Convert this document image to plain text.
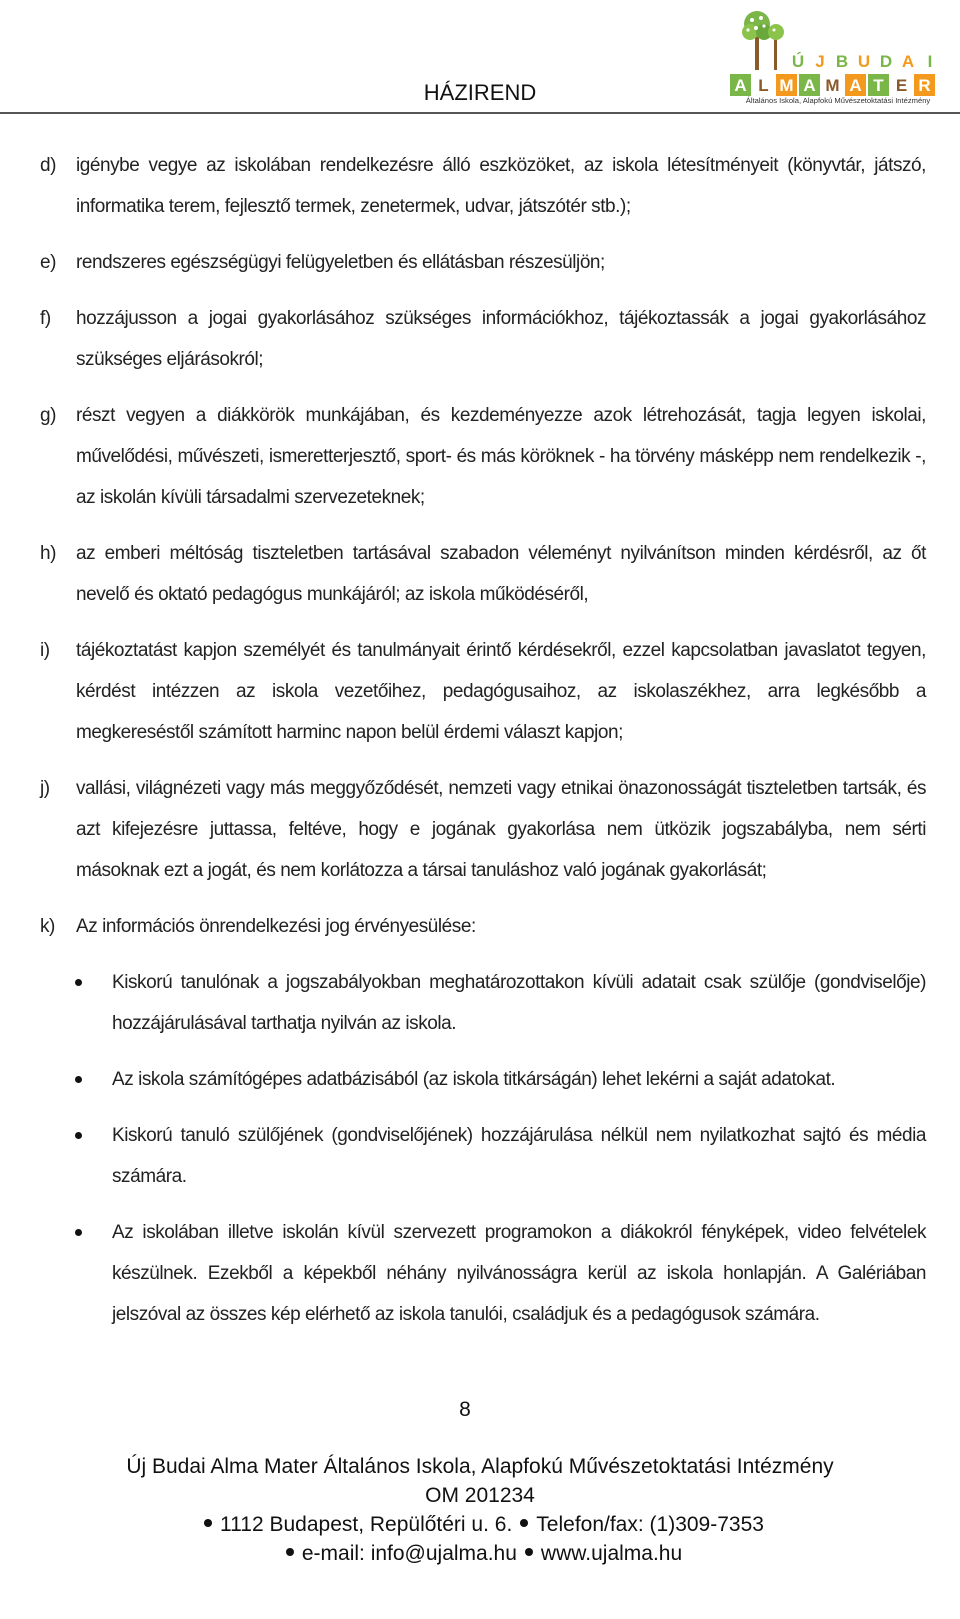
HÁZIREND
Ú J B U D A I
A L M A M A T E R
Általános Iskola, Alapfokú Művészetoktatási Intézmény
d) igénybe vegye az iskolában rendelkezésre álló eszközöket, az iskola létesítményeit (könyvtár, játszó, informatika terem, fejlesztő termek, zenetermek, udvar, játszótér stb.);
e) rendszeres egészségügyi felügyeletben és ellátásban részesüljön;
f) hozzájusson a jogai gyakorlásához szükséges információkhoz, tájékoztassák a jogai gyakorlásához szükséges eljárásokról;
g) részt vegyen a diákkörök munkájában, és kezdeményezze azok létrehozását, tagja legyen iskolai, művelődési, művészeti, ismeretterjesztő, sport- és más köröknek - ha törvény másképp nem rendelkezik -, az iskolán kívüli társadalmi szervezeteknek;
h) az emberi méltóság tiszteletben tartásával szabadon véleményt nyilvánítson minden kérdésről, az őt nevelő és oktató pedagógus munkájáról; az iskola működéséről,
i) tájékoztatást kapjon személyét és tanulmányait érintő kérdésekről, ezzel kapcsolatban javaslatot tegyen, kérdést intézzen az iskola vezetőihez, pedagógusaihoz, az iskolaszékhez, arra legkésőbb a megkereséstől számított harminc napon belül érdemi választ kapjon;
j) vallási, világnézeti vagy más meggyőződését, nemzeti vagy etnikai önazonosságát tiszteletben tartsák, és azt kifejezésre juttassa, feltéve, hogy e jogának gyakorlása nem ütközik jogszabályba, nem sérti másoknak ezt a jogát, és nem korlátozza a társai tanuláshoz való jogának gyakorlását;
k) Az információs önrendelkezési jog érvényesülése:
Kiskorú tanulónak a jogszabályokban meghatározottakon kívüli adatait csak szülője (gondviselője) hozzájárulásával tarthatja nyilván az iskola.
Az iskola számítógépes adatbázisából (az iskola titkárságán) lehet lekérni a saját adatokat.
Kiskorú tanuló szülőjének (gondviselőjének) hozzájárulása nélkül nem nyilatkozhat sajtó és média számára.
Az iskolában illetve iskolán kívül szervezett programokon a diákokról fényképek, video felvételek készülnek. Ezekből a képekből néhány nyilvánosságra kerül az iskola honlapján. A Galériában jelszóval az összes kép elérhető az iskola tanulói, családjuk és a pedagógusok számára.
8
Új Budai Alma Mater Általános Iskola, Alapfokú Művészetoktatási Intézmény
OM 201234
1112 Budapest, Repülőtéri u. 6. Telefon/fax: (1)309-7353
e-mail: info@ujalma.hu www.ujalma.hu
